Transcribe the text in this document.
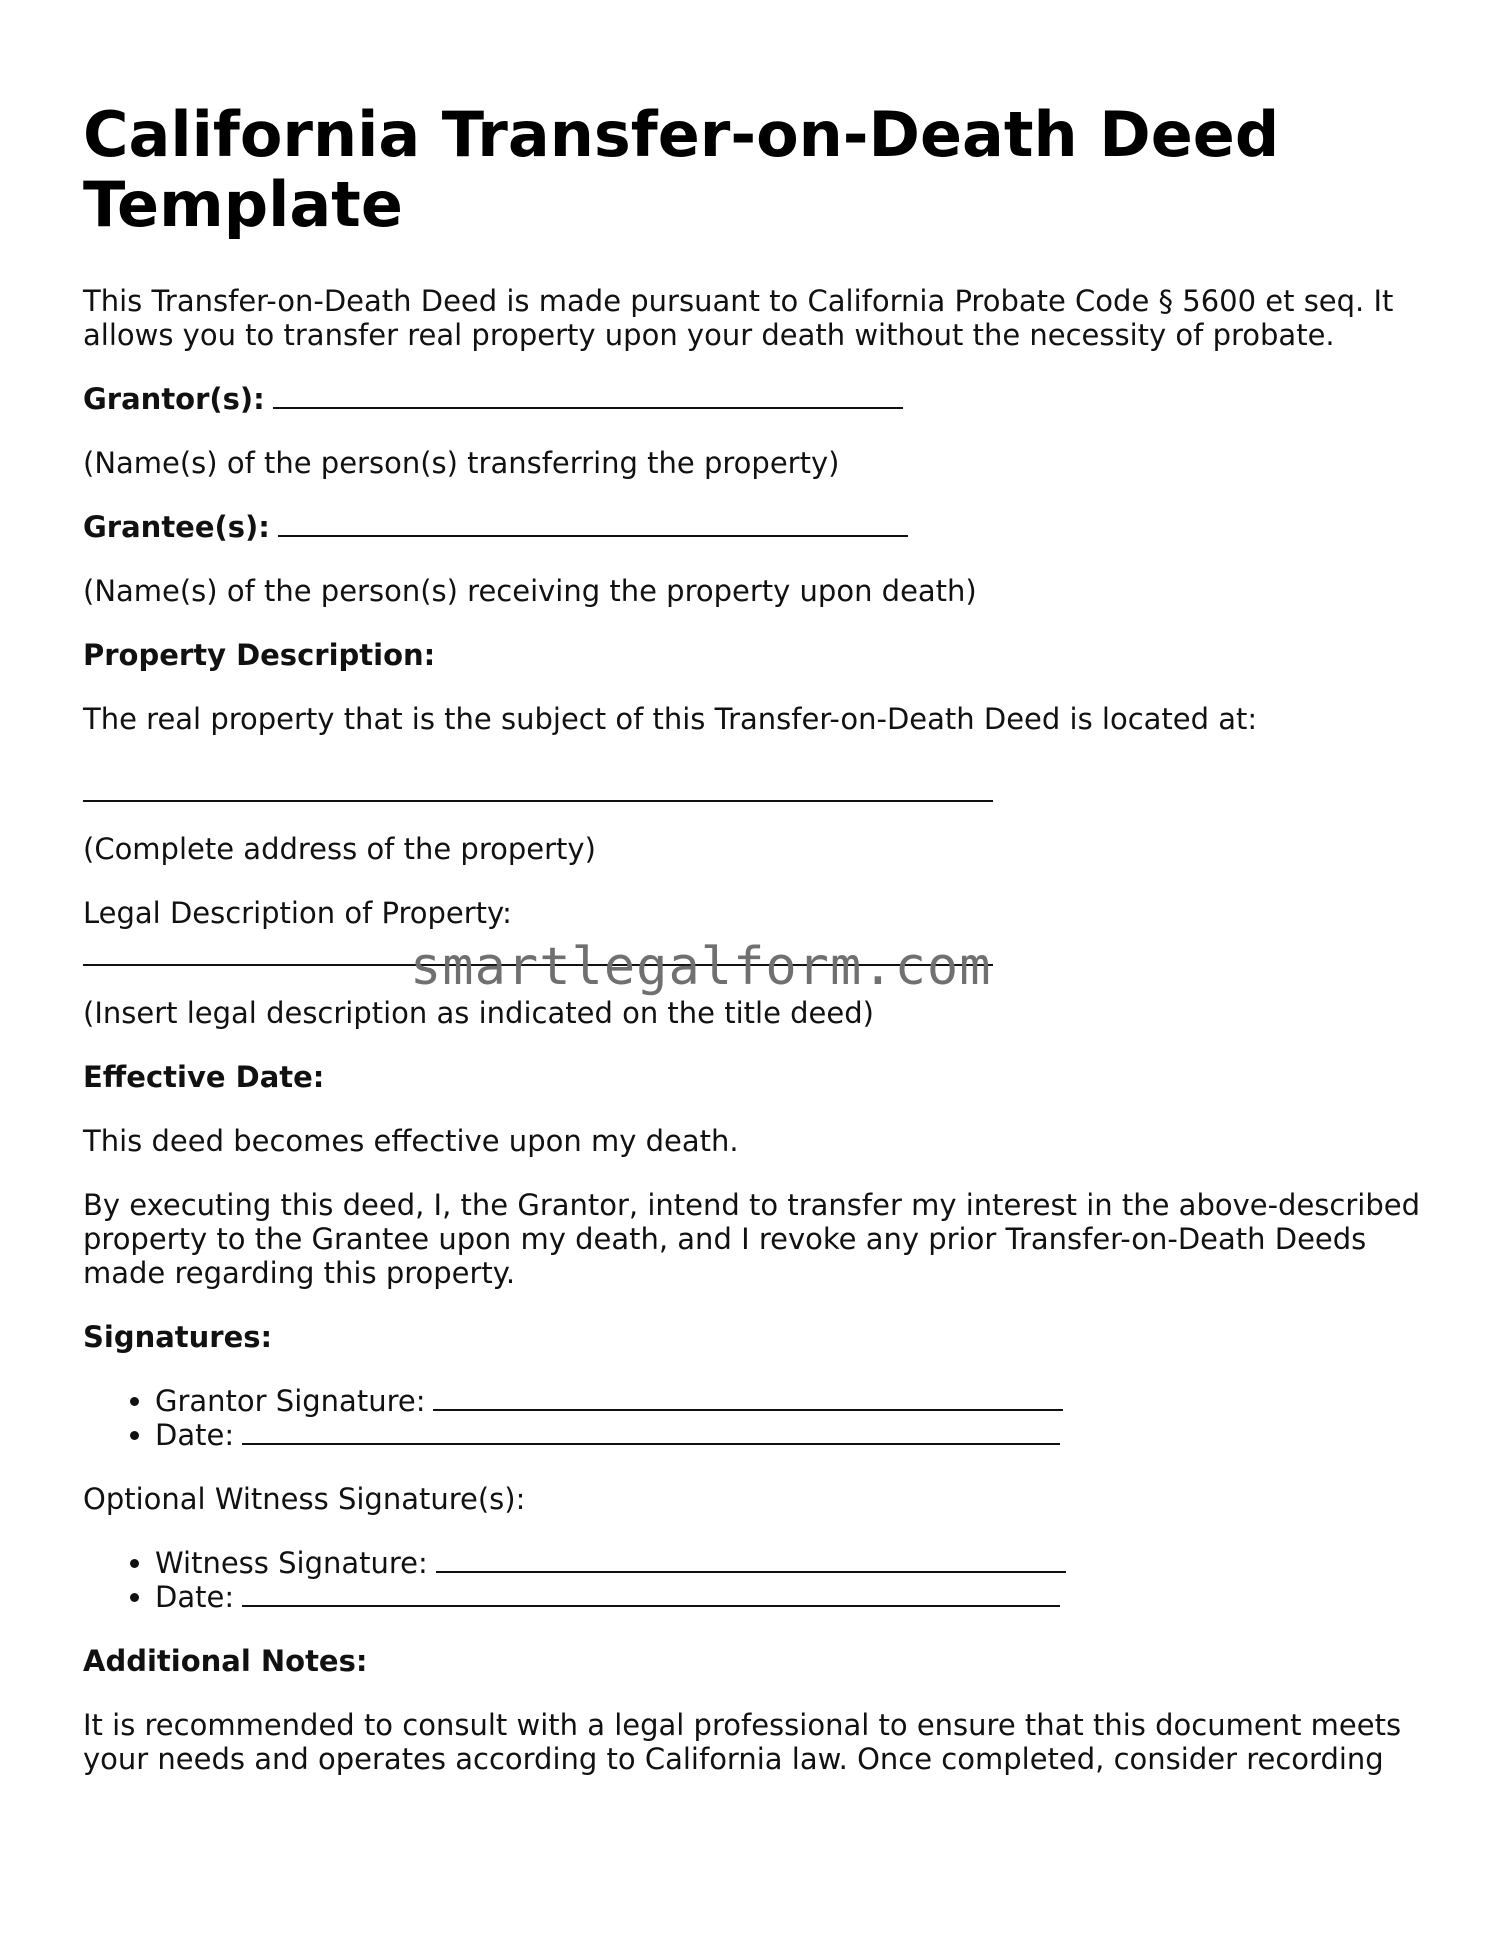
California Transfer-on-Death Deed Template

This Transfer-on-Death Deed is made pursuant to California Probate Code § 5600 et seq. It allows you to transfer real property upon your death without the necessity of probate.

Grantor(s):

(Name(s) of the person(s) transferring the property)

Grantee(s):

(Name(s) of the person(s) receiving the property upon death)

Property Description:

The real property that is the subject of this Transfer-on-Death Deed is located at:

(Complete address of the property)

Legal Description of Property:

(Insert legal description as indicated on the title deed)

Effective Date:

This deed becomes effective upon my death.

By executing this deed, I, the Grantor, intend to transfer my interest in the above-described property to the Grantee upon my death, and I revoke any prior Transfer-on-Death Deeds made regarding this property.

Signatures:

• Grantor Signature:
• Date:

Optional Witness Signature(s):

• Witness Signature:
• Date:

Additional Notes:

It is recommended to consult with a legal professional to ensure that this document meets your needs and operates according to California law. Once completed, consider recording

smartlegalform.com
